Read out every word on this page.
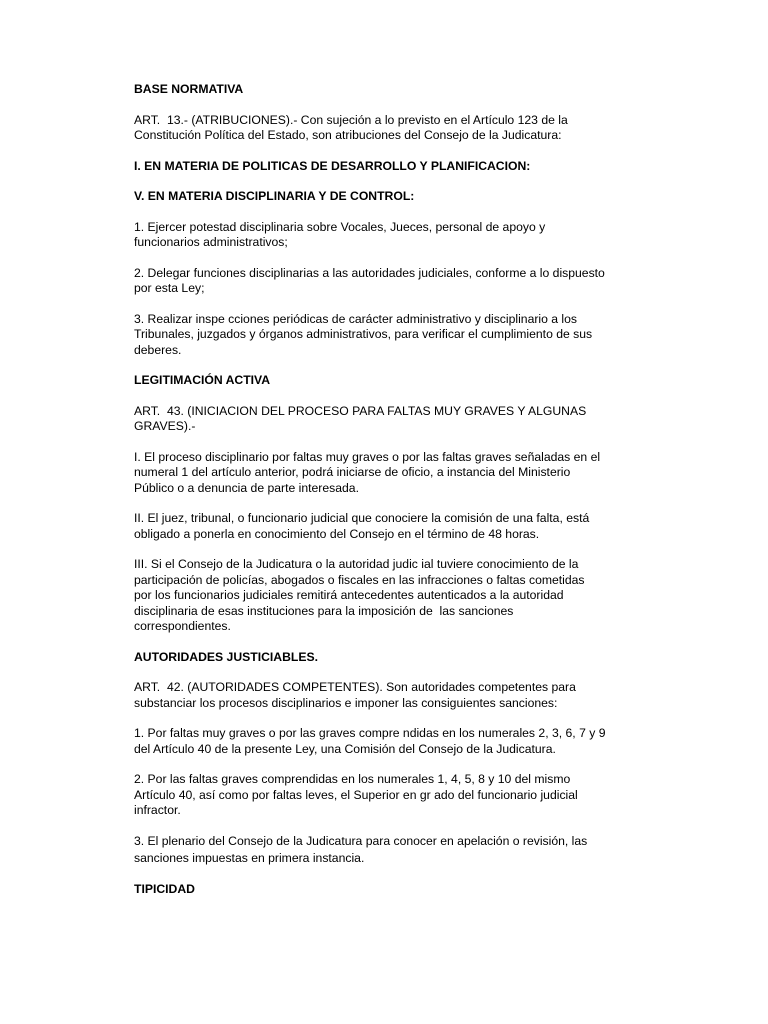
BASE NORMATIVA
ART.  13.- (ATRIBUCIONES).- Con sujeción a lo previsto en el Artículo 123 de la
Constitución Política del Estado, son atribuciones del Consejo de la Judicatura:
I. EN MATERIA DE POLITICAS DE DESARROLLO Y PLANIFICACION:
V. EN MATERIA DISCIPLINARIA Y DE CONTROL:
1. Ejercer potestad disciplinaria sobre Vocales, Jueces, personal de apoyo y
funcionarios administrativos;
2. Delegar funciones disciplinarias a las autoridades judiciales, conforme a lo dispuesto
por esta Ley;
3. Realizar inspe cciones periódicas de carácter administrativo y disciplinario a los
Tribunales, juzgados y órganos administrativos, para verificar el cumplimiento de sus
deberes.
LEGITIMACIÓN ACTIVA
ART.  43. (INICIACION DEL PROCESO PARA FALTAS MUY GRAVES Y ALGUNAS
GRAVES).-
I. El proceso disciplinario por faltas muy graves o por las faltas graves señaladas en el
numeral 1 del artículo anterior, podrá iniciarse de oficio, a instancia del Ministerio
Público o a denuncia de parte interesada.
II. El juez, tribunal, o funcionario judicial que conociere la comisión de una falta, está
obligado a ponerla en conocimiento del Consejo en el término de 48 horas.
III. Si el Consejo de la Judicatura o la autoridad judic ial tuviere conocimiento de la
participación de policías, abogados o fiscales en las infracciones o faltas cometidas
por los funcionarios judiciales remitirá antecedentes autenticados a la autoridad
disciplinaria de esas instituciones para la imposición de  las sanciones
correspondientes.
AUTORIDADES JUSTICIABLES.
ART.  42. (AUTORIDADES COMPETENTES). Son autoridades competentes para
substanciar los procesos disciplinarios e imponer las consiguientes sanciones:
1. Por faltas muy graves o por las graves compre ndidas en los numerales 2, 3, 6, 7 y 9
del Artículo 40 de la presente Ley, una Comisión del Consejo de la Judicatura.
2. Por las faltas graves comprendidas en los numerales 1, 4, 5, 8 y 10 del mismo
Artículo 40, así como por faltas leves, el Superior en gr ado del funcionario judicial
infractor.
3. El plenario del Consejo de la Judicatura para conocer en apelación o revisión, las
sanciones impuestas en primera instancia.
TIPICIDAD
